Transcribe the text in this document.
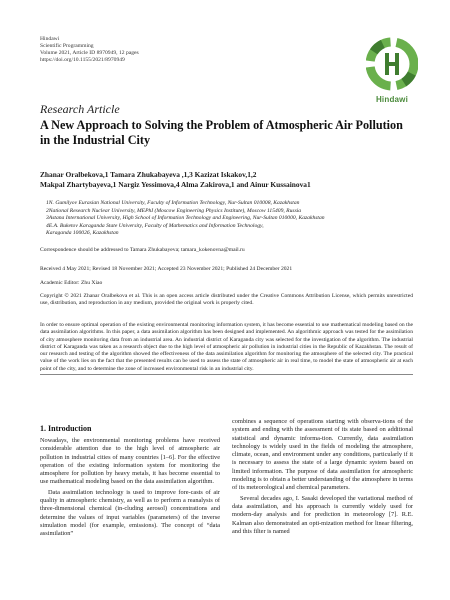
Hindawi
Scientific Programming
Volume 2021, Article ID 8970949, 12 pages
https://doi.org/10.1155/2021/8970949
Hindawi
Research Article
A New Approach to Solving the Problem of Atmospheric Air Pollution in the Industrial City
Zhanar Oralbekova,1 Tamara Zhukabayeva ,1,3 Kazizat Iskakov,1,2
Makpal Zhartybayeva,1 Nargiz Yessimova,4 Alma Zakirova,1 and Ainur Kussainova1
1N. Gumilyov Eurasian National University, Faculty of Information Technology, Nur-Sultan 010008, Kazakhstan
2National Research Nuclear University, MEPhI (Moscow Engineering Physics Institute), Moscow 115409, Russia
3Astana International University, High School of Information Technology and Engineering, Nur-Sultan 010000, Kazakhstan
4E.A. Buketov Karaganda State University, Faculty of Mathematics and Information Technology,
Karaganda 100026, Kazakhstan
Correspondence should be addressed to Tamara Zhukabayeva; tamara_kokenovna@mail.ru
Received 4 May 2021; Revised 18 November 2021; Accepted 23 November 2021; Published 24 December 2021
Academic Editor: Zhu Xiao
Copyright © 2021 Zhanar Oralbekova et al. This is an open access article distributed under the Creative Commons Attribution License, which permits unrestricted use, distribution, and reproduction in any medium, provided the original work is properly cited.
In order to ensure optimal operation of the existing environmental monitoring information system, it has become essential to use mathematical modeling based on the data assimilation algorithms. In this paper, a data assimilation algorithm has been designed and implemented. An algorithmic approach was tested for the assimilation of city atmosphere monitoring data from an industrial area. An industrial district of Karaganda city was selected for the investigation of the algorithm. The industrial district of Karaganda was taken as a research object due to the high level of atmospheric air pollution in industrial cities in the Republic of Kazakhstan. The result of our research and testing of the algorithm showed the effectiveness of the data assimilation algorithm for monitoring the atmosphere of the selected city. The practical value of the work lies on the fact that the presented results can be used to assess the state of atmospheric air in real time, to model the state of atmospheric air at each point of the city, and to determine the zone of increased environmental risk in an industrial city.
1. Introduction

Nowadays, the environmental monitoring problems have received considerable attention due to the high level of atmospheric air pollution in industrial cities of many countries [1–6]. For the effective operation of the existing information system for monitoring the atmosphere for pollution by heavy metals, it has become essential to use mathematical modeling based on the data assimilation algorithm.

Data assimilation technology is used to improve fore-casts of air quality in atmospheric chemistry, as well as to perform a reanalysis of three-dimensional chemical (in-cluding aerosol) concentrations and determine the values of input variables (parameters) of the inverse simulation model (for example, emissions). The concept of “data assimilation”

combines a sequence of operations starting with observa-tions of the system and ending with the assessment of its state based on additional statistical and dynamic informa-tion. Currently, data assimilation technology is widely used in the fields of modeling the atmosphere, climate, ocean, and environment under any conditions, particularly if it is necessary to assess the state of a large dynamic system based on limited information. The purpose of data assimilation for atmospheric modeling is to obtain a better understanding of the atmosphere in terms of its meteorological and chemical parameters.

Several decades ago, I. Sasaki developed the variational method of data assimilation, and his approach is currently widely used for modern-day analysis and for prediction in meteorology [7]. R.E. Kalman also demonstrated an opti-mization method for linear filtering, and this filter is named
